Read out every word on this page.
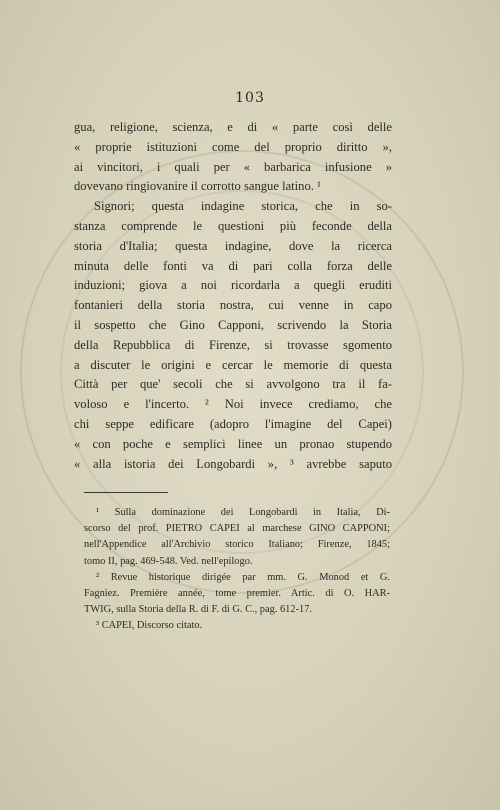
103
gua, religione, scienza, e di « parte così delle
« proprie istituzioni come del proprio diritto »,
ai vincitori, i quali per « barbarica infusione »
dovevano ringiovanire il corrotto sangue latino. ¹
Signori; questa indagine storica, che in so-
stanza comprende le questioni più feconde della
storia d'Italia; questa indagine, dove la ricerca
minuta delle fonti va di pari colla forza delle
induzioni; giova a noi ricordarla a quegli eruditi
fontanieri della storia nostra, cui venne in capo
il sospetto che Gino Capponi, scrivendo la Storia
della Repubblica di Firenze, si trovasse sgomento
a discuter le origini e cercar le memorie di questa
Città per que' secoli che si avvolgono tra il fa-
voloso e l'incerto. ² Noi invece crediamo, che
chi seppe edificare (adopro l'imagine del Capei)
« con poche e semplici linee un pronao stupendo
« alla istoria dei Longobardi », ³ avrebbe saputo
¹ Sulla dominazione dei Longobardi in Italia, Di-
scorso del prof. PIETRO CAPEI al marchese GINO CAPPONI;
nell'Appendice all'Archivio storico Italiano; Firenze, 1845;
tomo II, pag. 469-548. Ved. nell'epilogo.
² Revue historique dirigée par mm. G. Monod et G.
Fagniez. Première année, tome premier. Artic. di O. HAR-
TWIG, sulla Storia della R. di F. di G. C., pag. 612-17.
³ CAPEI, Discorso citato.
